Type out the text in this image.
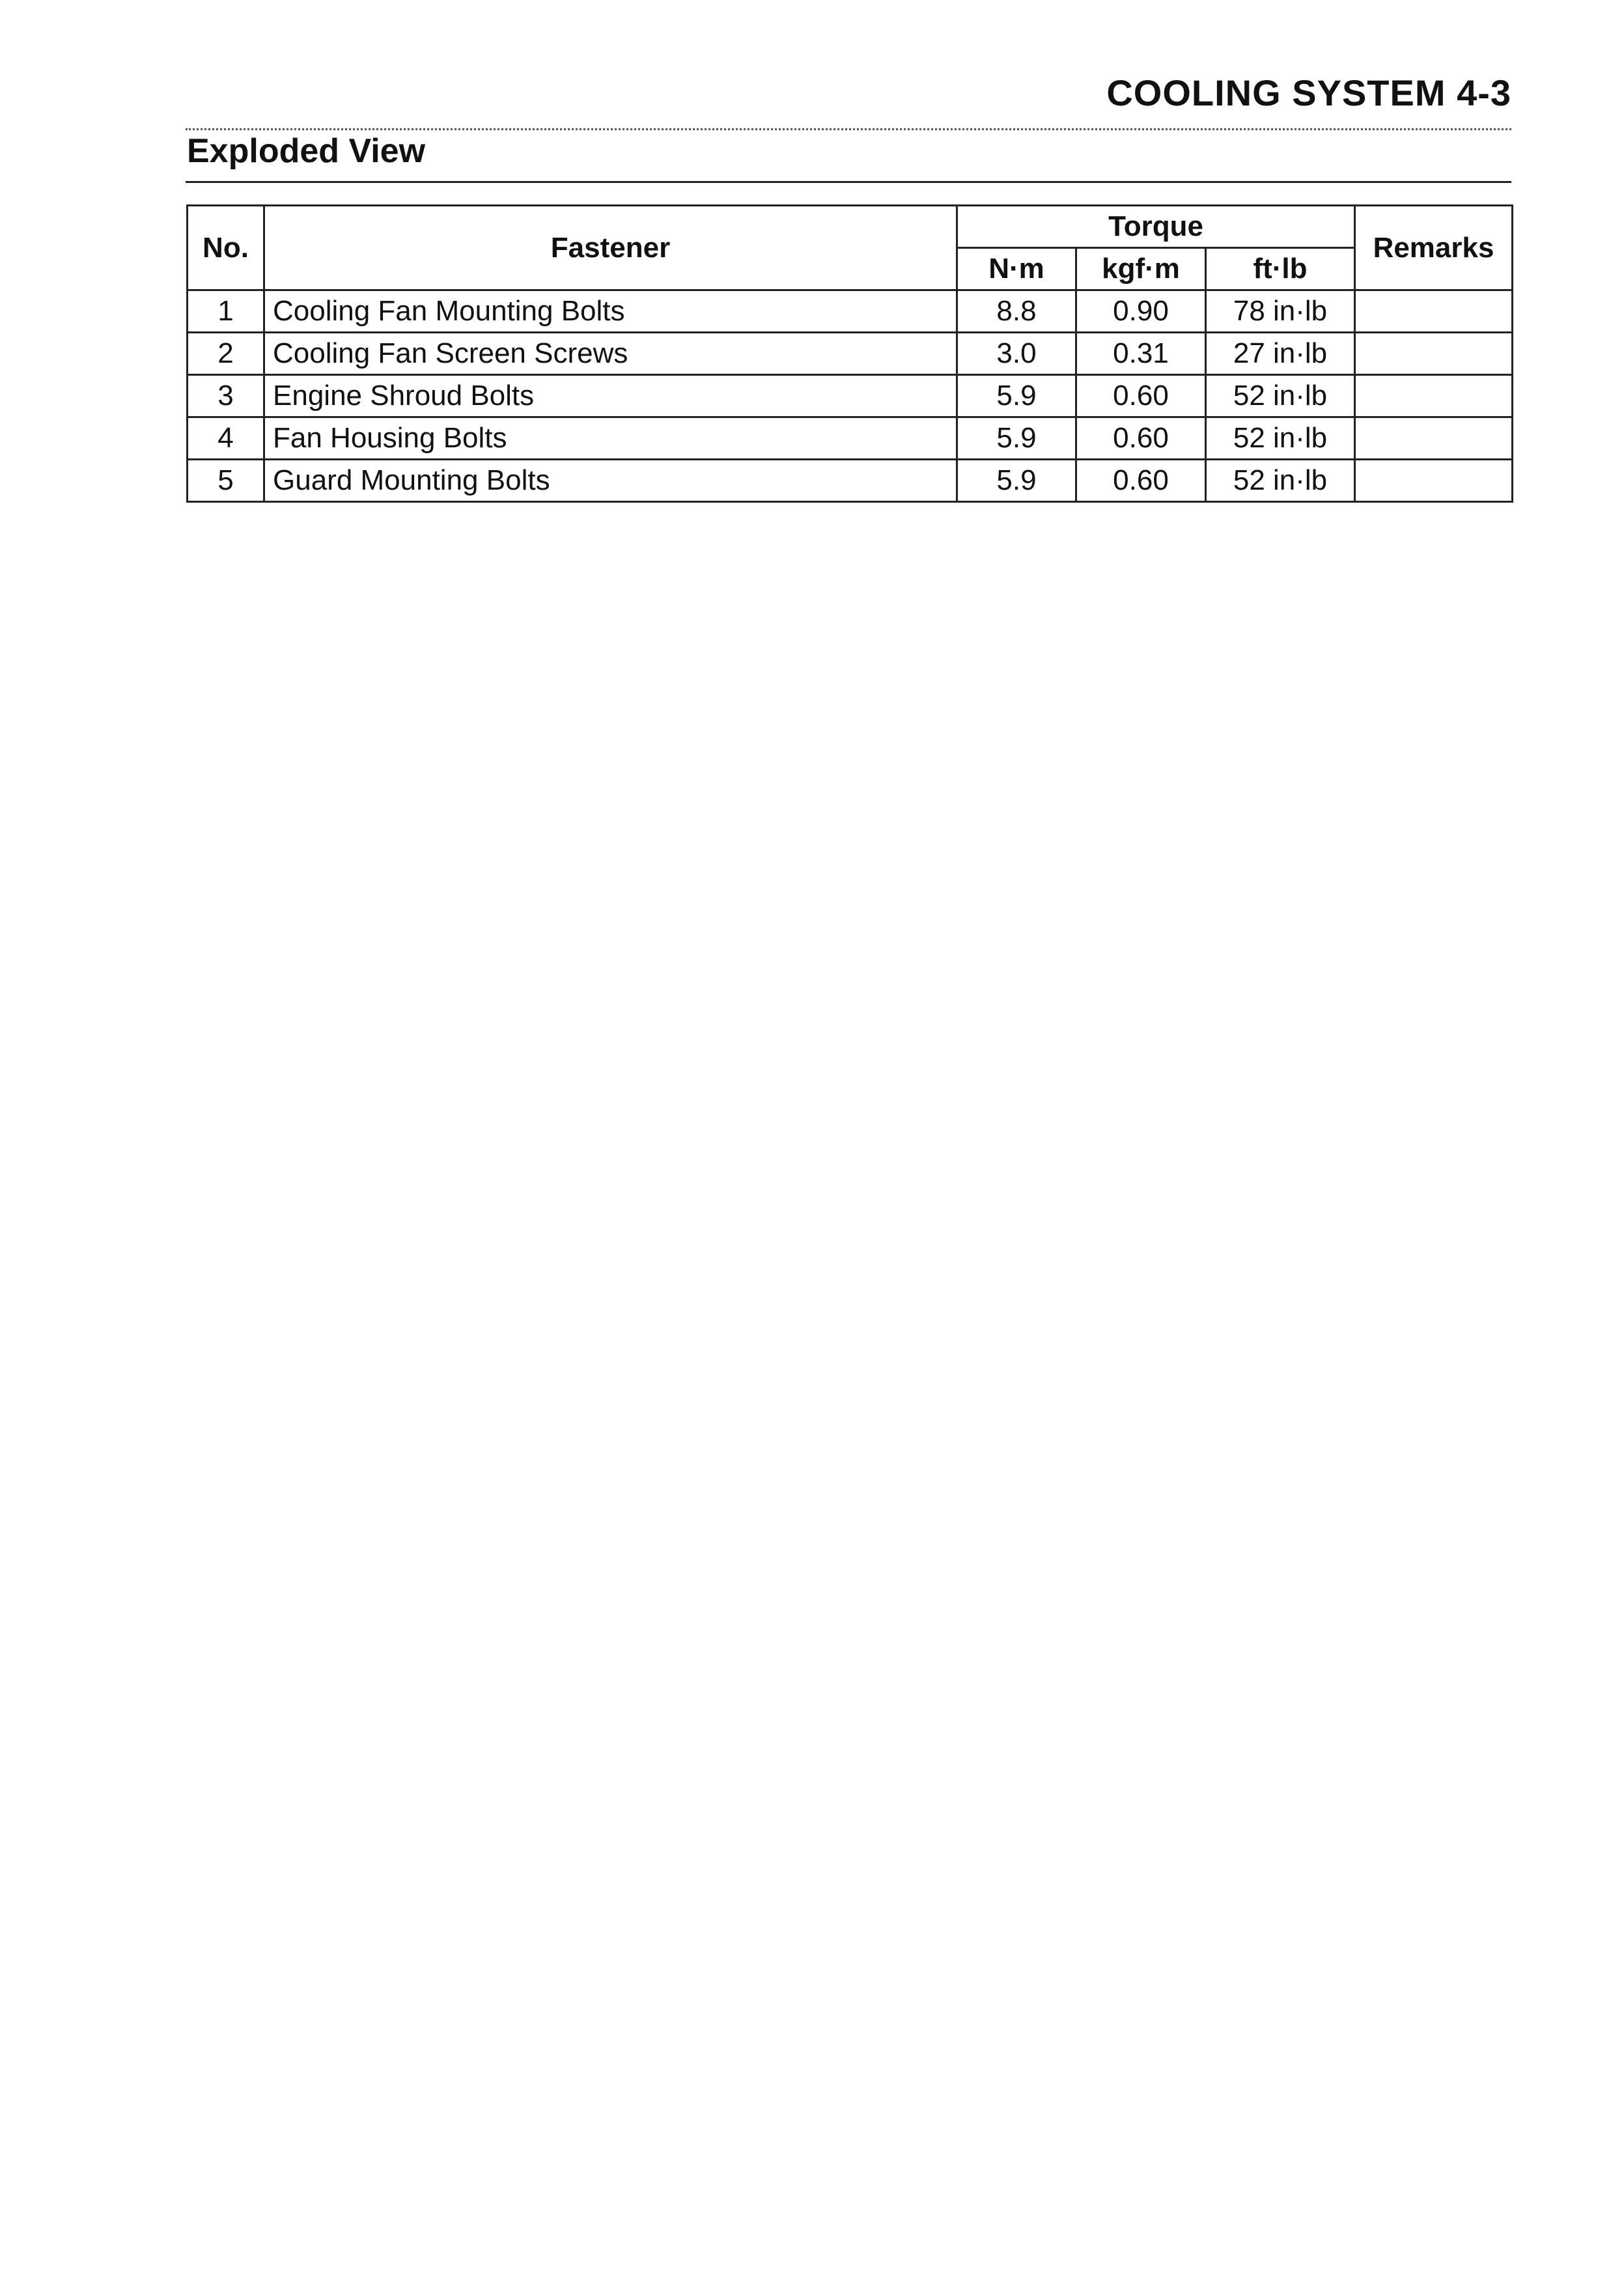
COOLING SYSTEM 4-3
Exploded View
No.	Fastener	Torque			Remarks
		N·m	kgf·m	ft·lb	
1	Cooling Fan Mounting Bolts	8.8	0.90	78 in·lb	
2	Cooling Fan Screen Screws	3.0	0.31	27 in·lb	
3	Engine Shroud Bolts	5.9	0.60	52 in·lb	
4	Fan Housing Bolts	5.9	0.60	52 in·lb	
5	Guard Mounting Bolts	5.9	0.60	52 in·lb	
